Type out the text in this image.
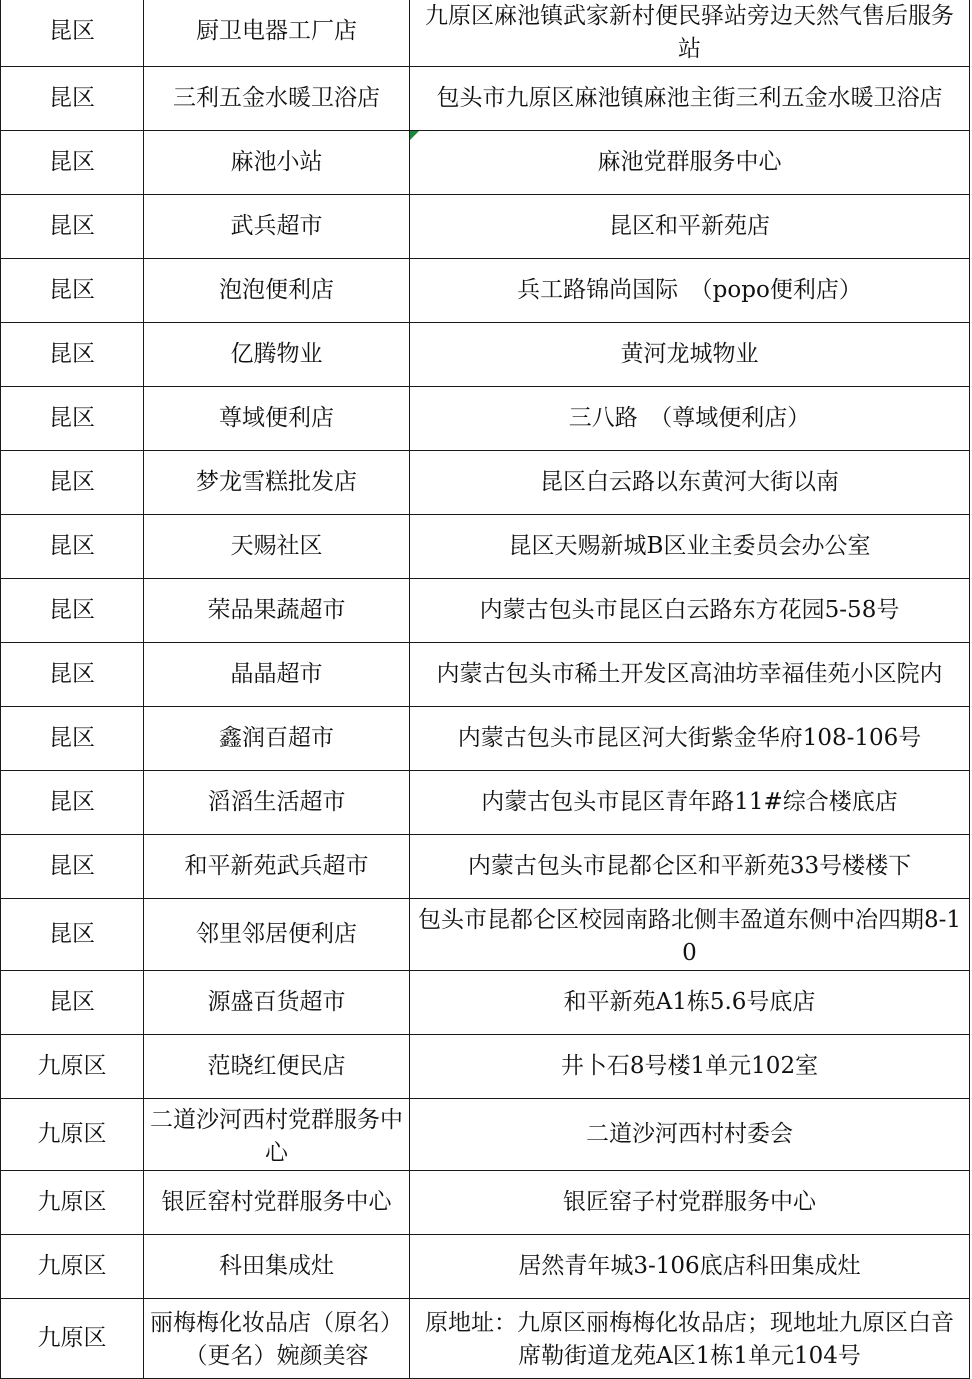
昆区	厨卫电器工厂店	九原区麻池镇武家新村便民驿站旁边天然气售后服务站

昆区	三利五金水暖卫浴店	包头市九原区麻池镇麻池主街三利五金水暖卫浴店
昆区	麻池小站	麻池党群服务中心
昆区	武兵超市	昆区和平新苑店
昆区	泡泡便利店	兵工路锦尚国际　（popo便利店）
昆区	亿腾物业	黄河龙城物业
昆区	尊域便利店	三八路　（尊域便利店）
昆区	梦龙雪糕批发店	昆区白云路以东黄河大街以南
昆区	天赐社区	昆区天赐新城B区业主委员会办公室
昆区	荣品果蔬超市	内蒙古包头市昆区白云路东方花园5-58号
昆区	晶晶超市	内蒙古包头市稀土开发区高油坊幸福佳苑小区院内
昆区	鑫润百超市	内蒙古包头市昆区河大街紫金华府108-106号
昆区	滔滔生活超市	内蒙古包头市昆区青年路11#综合楼底店
昆区	和平新苑武兵超市	内蒙古包头市昆都仑区和平新苑33号楼楼下
昆区	邻里邻居便利店	包头市昆都仑区校园南路北侧丰盈道东侧中冶四期8-10

昆区	源盛百货超市	和平新苑A1栋5.6号底店
九原区	范晓红便民店	井卜石8号楼1单元102室
九原区	二道沙河西村党群服务中心	二道沙河西村村委会
九原区	银匠窑村党群服务中心	银匠窑子村党群服务中心
九原区	科田集成灶	居然青年城3-106底店科田集成灶
九原区	丽梅梅化妆品店（原名）（更名）婉颜美容	原地址：九原区丽梅梅化妆品店；现地址九原区白音席勒街道龙苑A区1栋1单元104号
